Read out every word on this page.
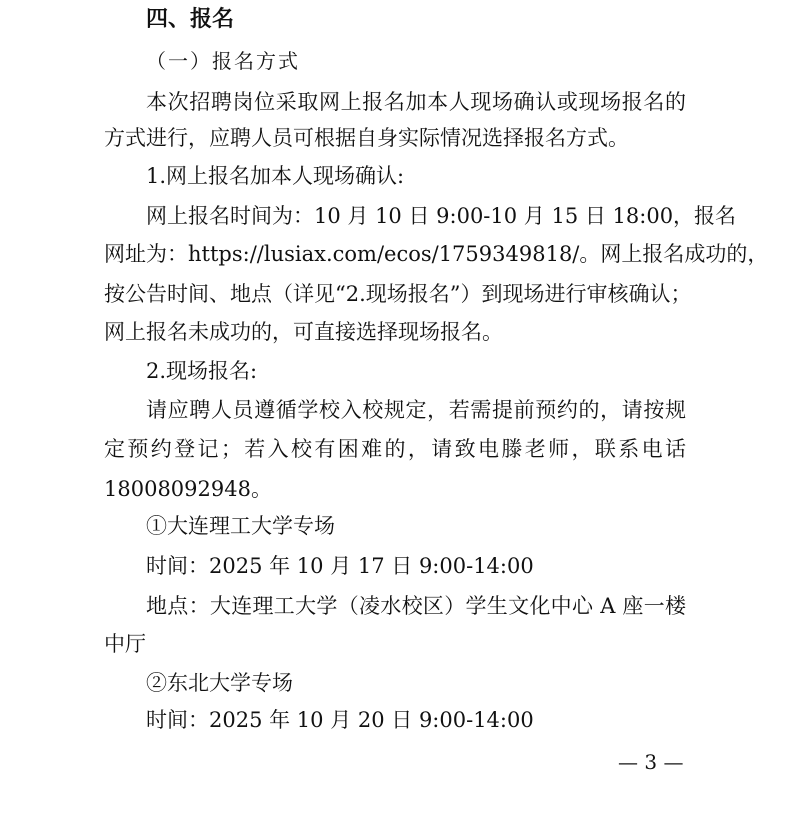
四、报名
（一）报名方式
本次招聘岗位采取网上报名加本人现场确认或现场报名的
方式进行，应聘人员可根据自身实际情况选择报名方式。
1.网上报名加本人现场确认:
网上报名时间为：10 月 10 日 9:00-10 月 15 日 18:00，报名
网址为：https://lusiax.com/ecos/1759349818/。网上报名成功的，
按公告时间、地点（详见“2.现场报名”）到现场进行审核确认；
网上报名未成功的，可直接选择现场报名。
2.现场报名:
请应聘人员遵循学校入校规定，若需提前预约的，请按规
定预约登记；若入校有困难的，请致电滕老师，联系电话
18008092948。
①大连理工大学专场
时间：2025 年 10 月 17 日 9:00-14:00
地点：大连理工大学（凌水校区）学生文化中心 A 座一楼
中厅
②东北大学专场
时间：2025 年 10 月 20 日 9:00-14:00
— 3 —
